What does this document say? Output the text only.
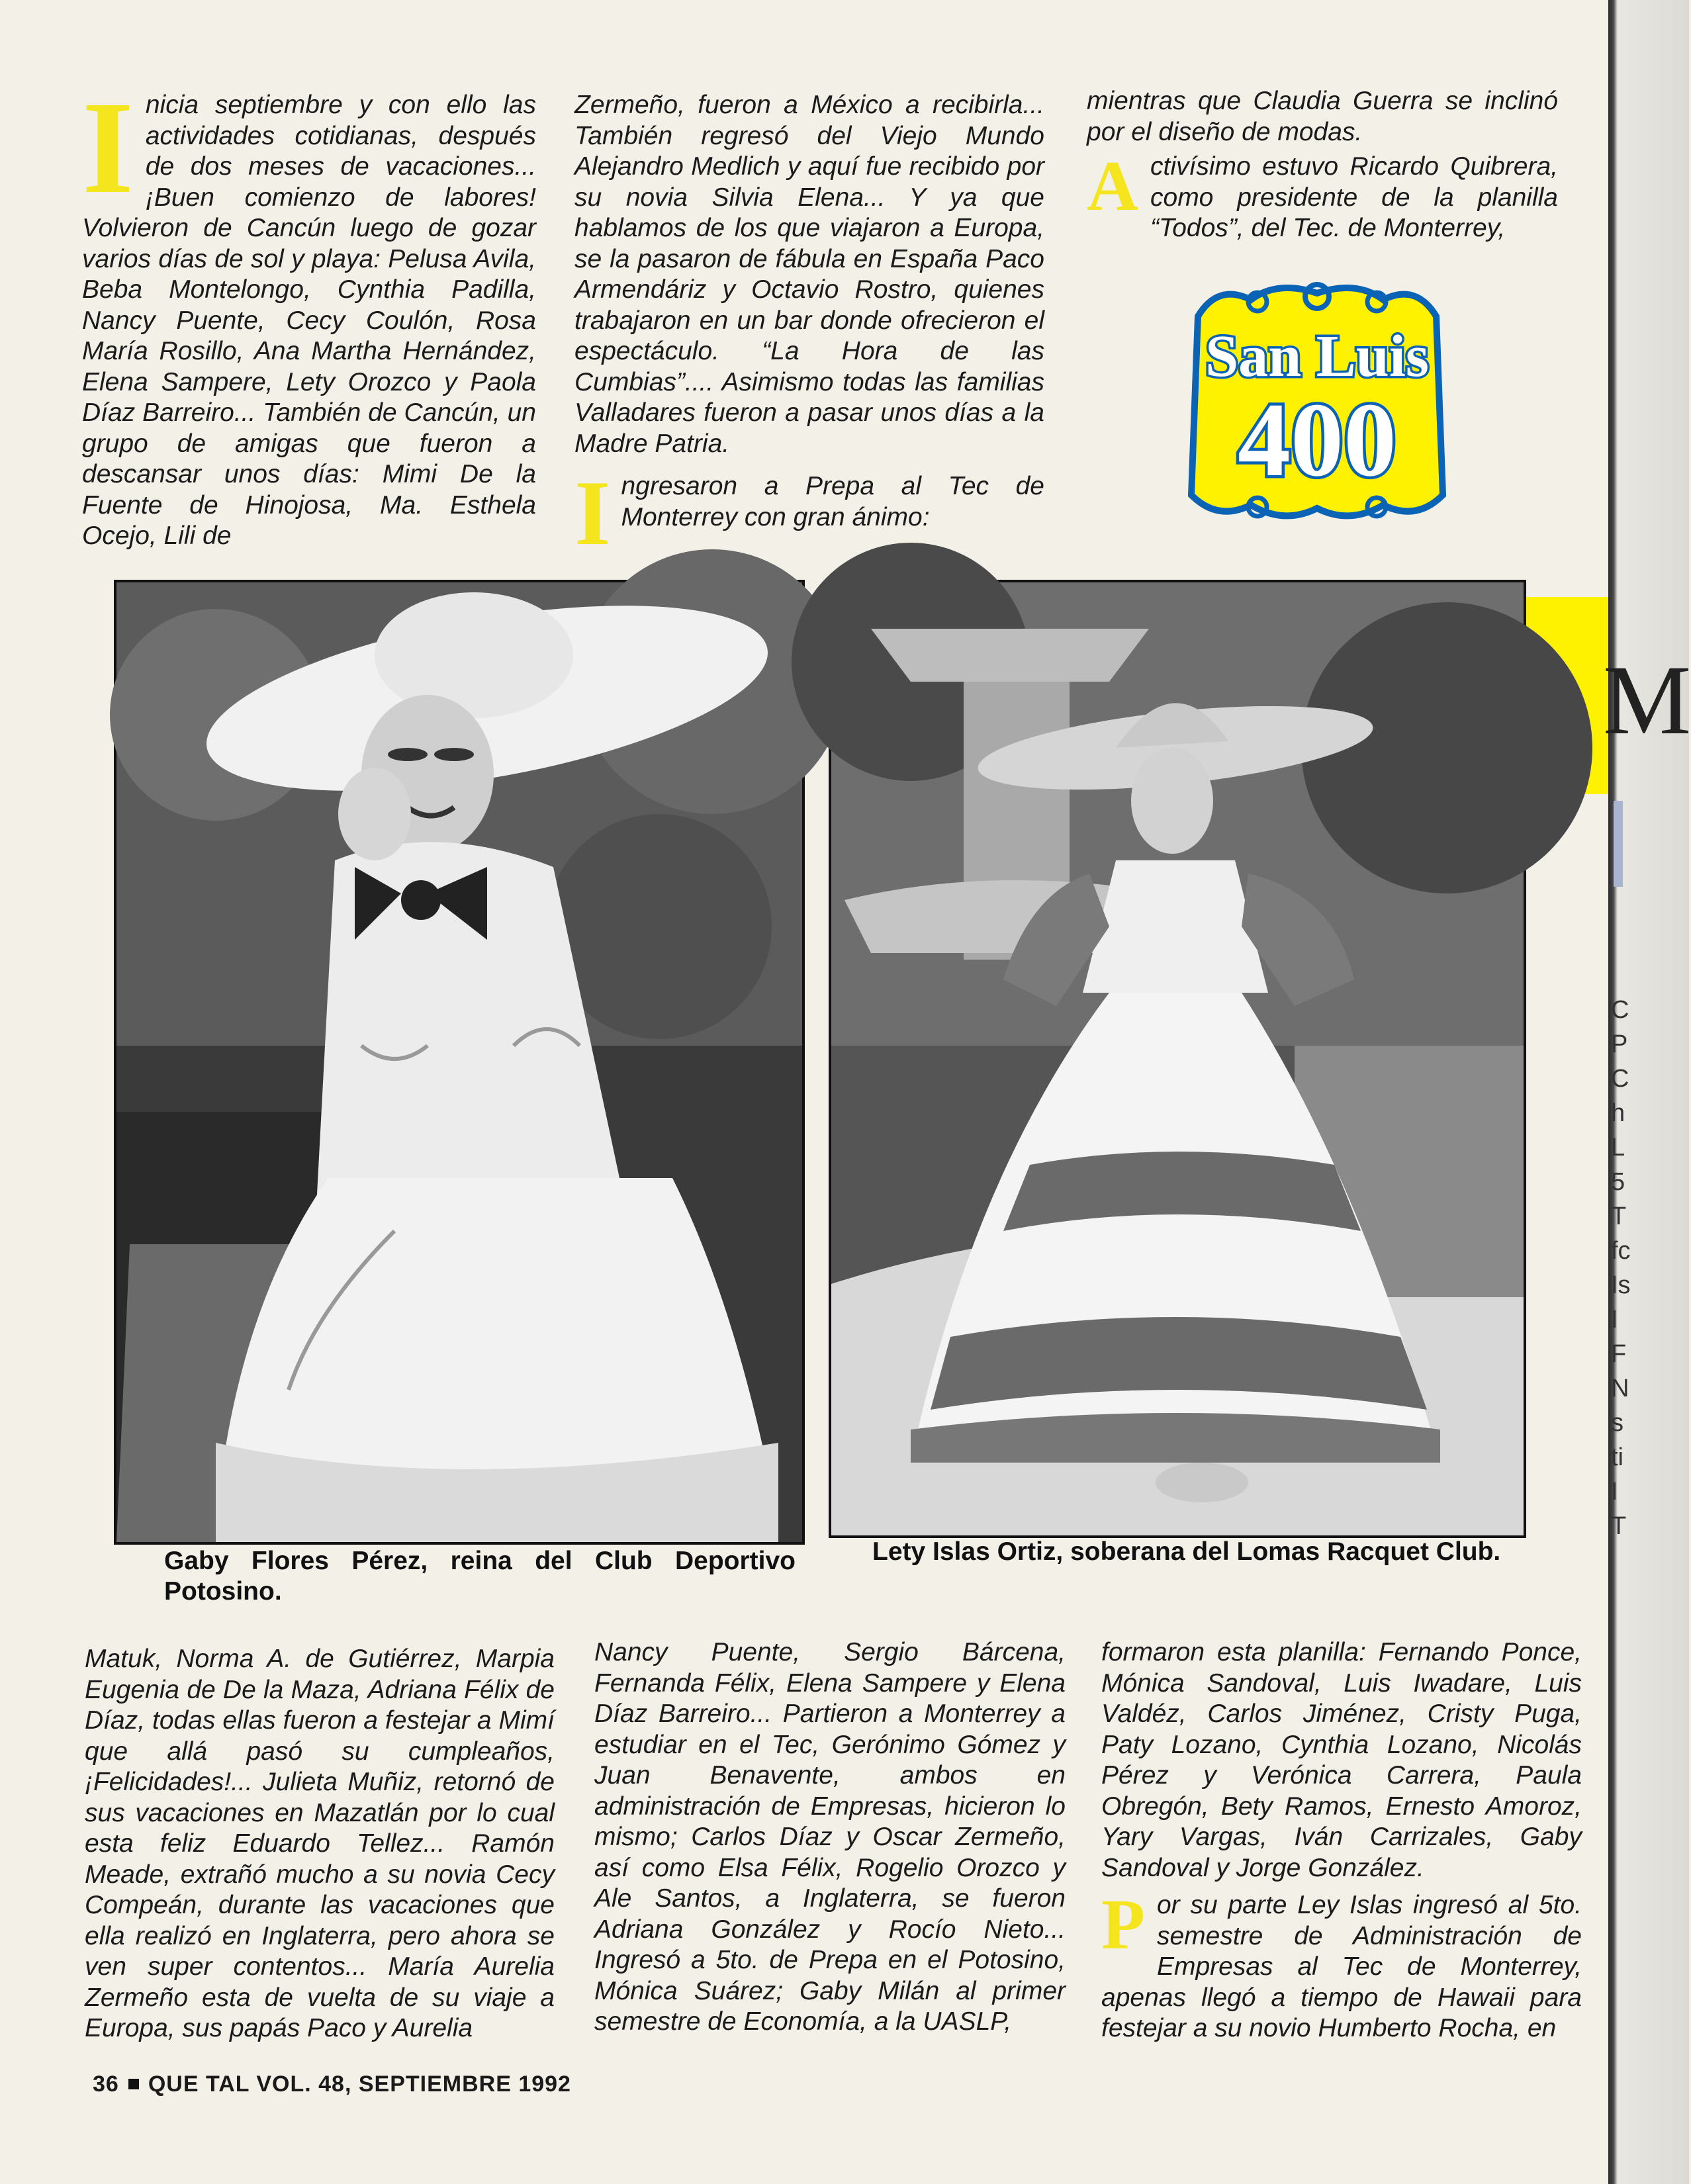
M
C
P
C
h
L
5
T
fc
Is
I
F
N
s
ti
I
T

Inicia septiembre y con ello las actividades cotidianas, después de dos meses de vacaciones... ¡Buen comienzo de labores! Volvieron de Cancún luego de gozar varios días de sol y playa: Pelusa Avila, Beba Montelongo, Cynthia Padilla, Nancy Puente, Cecy Coulón, Rosa María Rosillo, Ana Martha Hernández, Elena Sampere, Lety Orozco y Paola Díaz Barreiro... También de Cancún, un grupo de amigas que fueron a descansar unos días: Mimi De la Fuente de Hinojosa, Ma. Esthela Ocejo, Lili de

Zermeño, fueron a México a recibirla... También regresó del Viejo Mundo Alejandro Medlich y aquí fue recibido por su novia Silvia Elena... Y ya que hablamos de los que viajaron a Europa, se la pasaron de fábula en España Paco Armendáriz y Octavio Rostro, quienes trabajaron en un bar donde ofrecieron el espectáculo. “La Hora de las Cumbias”.... Asimismo todas las familias Valladares fueron a pasar unos días a la Madre Patria.

Ingresaron a Prepa al Tec de Monterrey con gran ánimo:

mientras que Claudia Guerra se inclinó por el diseño de modas.

Activísimo estuvo Ricardo Quibrera, como presidente de la planilla “Todos”, del Tec. de Monterrey,

San Luis
400
Gaby Flores Pérez, reina del Club Deportivo Potosino.
Lety Islas Ortiz, soberana del Lomas Racquet Club.

Matuk, Norma A. de Gutiérrez, Marpia Eugenia de De la Maza, Adriana Félix de Díaz, todas ellas fueron a festejar a Mimí que allá pasó su cumpleaños, ¡Felicidades!... Julieta Muñiz, retornó de sus vacaciones en Mazatlán por lo cual esta feliz Eduardo Tellez... Ramón Meade, extrañó mucho a su novia Cecy Compeán, durante las vacaciones que ella realizó en Inglaterra, pero ahora se ven super contentos... María Aurelia Zermeño esta de vuelta de su viaje a Europa, sus papás Paco y Aurelia

Nancy Puente, Sergio Bárcena, Fernanda Félix, Elena Sampere y Elena Díaz Barreiro... Partieron a Monterrey a estudiar en el Tec, Gerónimo Gómez y Juan Benavente, ambos en administración de Empresas, hicieron lo mismo; Carlos Díaz y Oscar Zermeño, así como Elsa Félix, Rogelio Orozco y Ale Santos, a Inglaterra, se fueron Adriana González y Rocío Nieto... Ingresó a 5to. de Prepa en el Potosino, Mónica Suárez; Gaby Milán al primer semestre de Economía, a la UASLP,

formaron esta planilla: Fernando Ponce, Mónica Sandoval, Luis Iwadare, Luis Valdéz, Carlos Jiménez, Cristy Puga, Paty Lozano, Cynthia Lozano, Nicolás Pérez y Verónica Carrera, Paula Obregón, Bety Ramos, Ernesto Amoroz, Yary Vargas, Iván Carrizales, Gaby Sandoval y Jorge González.

Por su parte Ley Islas ingresó al 5to. semestre de Administración de Empresas al Tec de Monterrey, apenas llegó a tiempo de Hawaii para festejar a su novio Humberto Rocha, en

36 QUE TAL VOL. 48, SEPTIEMBRE 1992
